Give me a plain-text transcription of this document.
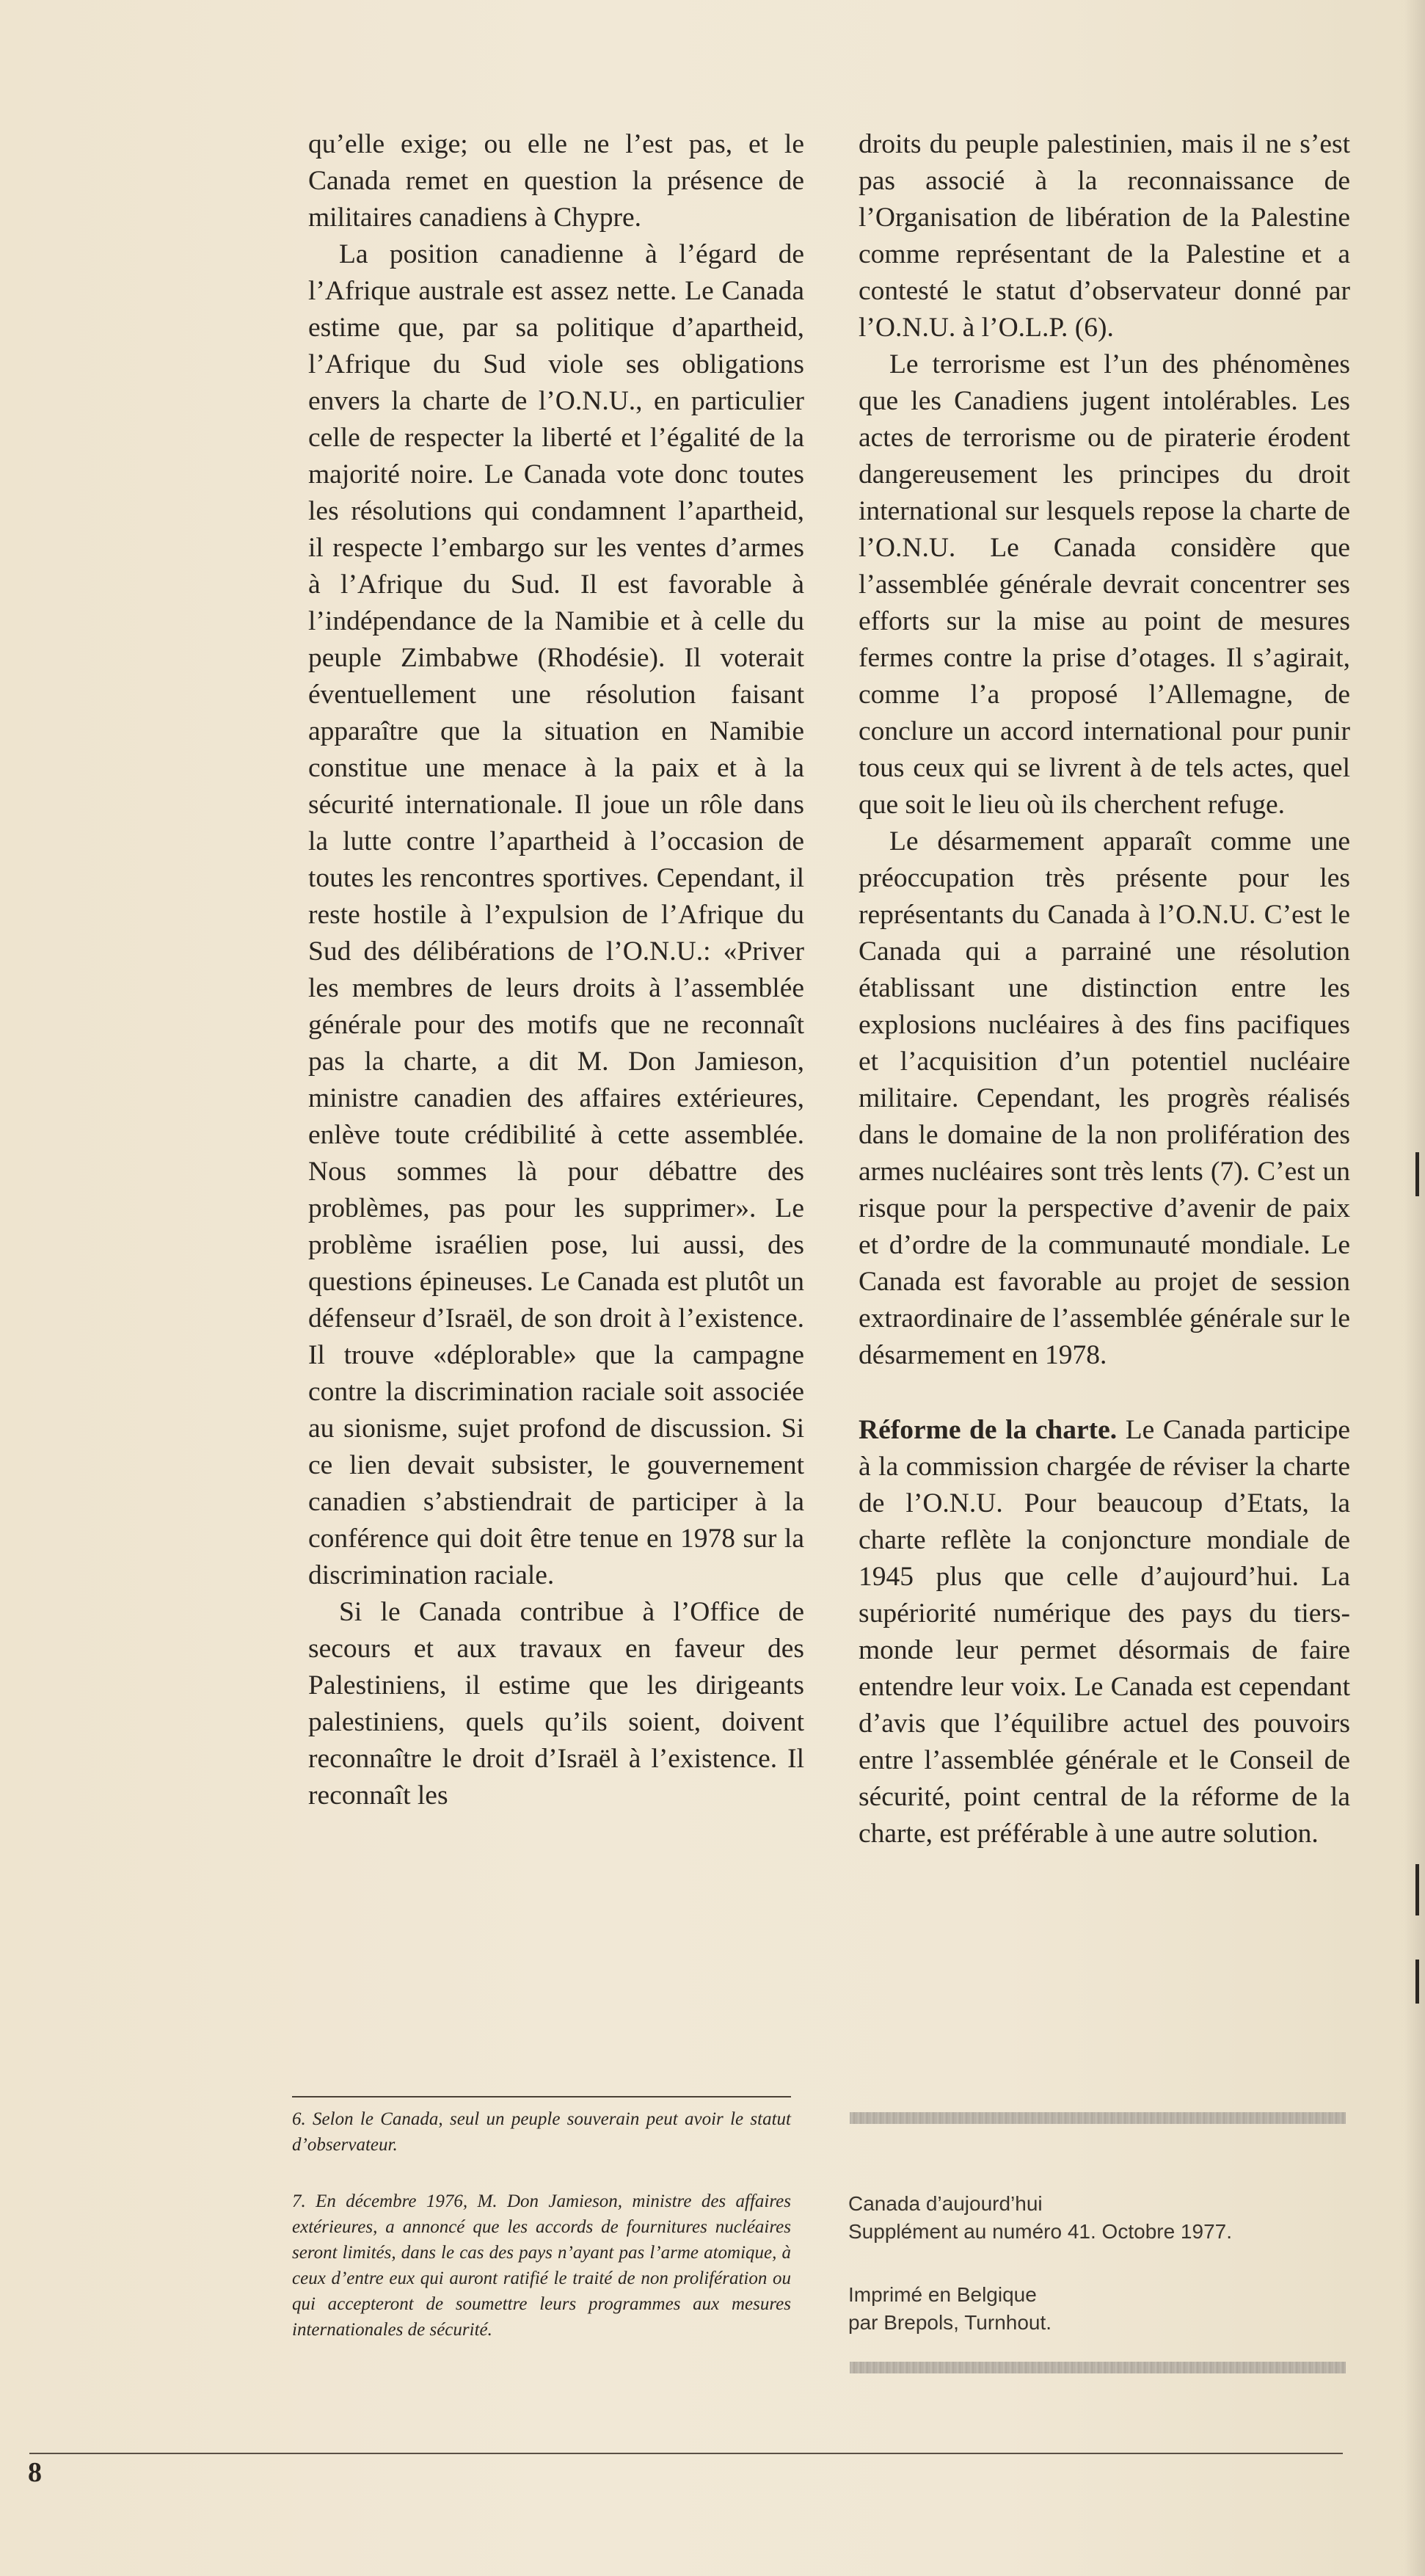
qu’elle exige; ou elle ne l’est pas, et le Canada remet en question la présence de militaires canadiens à Chypre.

La position canadienne à l’égard de l’Afrique australe est assez nette. Le Canada estime que, par sa politique d’apartheid, l’Afrique du Sud viole ses obligations envers la charte de l’O.N.U., en particulier celle de respecter la liberté et l’égalité de la majorité noire. Le Canada vote donc toutes les résolutions qui condamnent l’apartheid, il respecte l’embargo sur les ventes d’armes à l’Afrique du Sud. Il est favorable à l’indépendance de la Namibie et à celle du peuple Zimbabwe (Rhodésie). Il voterait éventuellement une résolution faisant apparaître que la situation en Namibie constitue une menace à la paix et à la sécurité internationale. Il joue un rôle dans la lutte contre l’apartheid à l’occasion de toutes les rencontres sportives. Cependant, il reste hostile à l’expulsion de l’Afrique du Sud des délibérations de l’O.N.U.: «Priver les membres de leurs droits à l’assemblée générale pour des motifs que ne reconnaît pas la charte, a dit M. Don Jamieson, ministre canadien des affaires extérieures, enlève toute crédibilité à cette assemblée. Nous sommes là pour débattre des problèmes, pas pour les supprimer». Le problème israélien pose, lui aussi, des questions épineuses. Le Canada est plutôt un défenseur d’Israël, de son droit à l’existence. Il trouve «déplorable» que la campagne contre la discrimination raciale soit associée au sionisme, sujet profond de discussion. Si ce lien devait subsister, le gouvernement canadien s’abstiendrait de participer à la conférence qui doit être tenue en 1978 sur la discrimination raciale.

Si le Canada contribue à l’Office de secours et aux travaux en faveur des Palestiniens, il estime que les dirigeants palestiniens, quels qu’ils soient, doivent reconnaître le droit d’Israël à l’existence. Il reconnaît les

droits du peuple palestinien, mais il ne s’est pas associé à la reconnaissance de l’Organisation de libération de la Palestine comme représentant de la Palestine et a contesté le statut d’observateur donné par l’O.N.U. à l’O.L.P. (6).

Le terrorisme est l’un des phénomènes que les Canadiens jugent intolérables. Les actes de terrorisme ou de piraterie érodent dangereusement les principes du droit international sur lesquels repose la charte de l’O.N.U. Le Canada considère que l’assemblée générale devrait concentrer ses efforts sur la mise au point de mesures fermes contre la prise d’otages. Il s’agirait, comme l’a proposé l’Allemagne, de conclure un accord international pour punir tous ceux qui se livrent à de tels actes, quel que soit le lieu où ils cherchent refuge.

Le désarmement apparaît comme une préoccupation très présente pour les représentants du Canada à l’O.N.U. C’est le Canada qui a parrainé une résolution établissant une distinction entre les explosions nucléaires à des fins pacifiques et l’acquisition d’un potentiel nucléaire militaire. Cependant, les progrès réalisés dans le domaine de la non prolifération des armes nucléaires sont très lents (7). C’est un risque pour la perspective d’avenir de paix et d’ordre de la communauté mondiale. Le Canada est favorable au projet de session extraordinaire de l’assemblée générale sur le désarmement en 1978.

Réforme de la charte. Le Canada participe à la commission chargée de réviser la charte de l’O.N.U. Pour beaucoup d’Etats, la charte reflète la conjoncture mondiale de 1945 plus que celle d’aujourd’hui. La supériorité numérique des pays du tiers-monde leur permet désormais de faire entendre leur voix. Le Canada est cependant d’avis que l’équilibre actuel des pouvoirs entre l’assemblée générale et le Conseil de sécurité, point central de la réforme de la charte, est préférable à une autre solution.

6. Selon le Canada, seul un peuple souverain peut avoir le statut d’observateur.

7. En décembre 1976, M. Don Jamieson, ministre des affaires extérieures, a annoncé que les accords de fournitures nucléaires seront limités, dans le cas des pays n’ayant pas l’arme atomique, à ceux d’entre eux qui auront ratifié le traité de non prolifération ou qui accepteront de soumettre leurs programmes aux mesures internationales de sécurité.

Canada d’aujourd’hui
Supplément au numéro 41. Octobre 1977.

Imprimé en Belgique
par Brepols, Turnhout.

8
